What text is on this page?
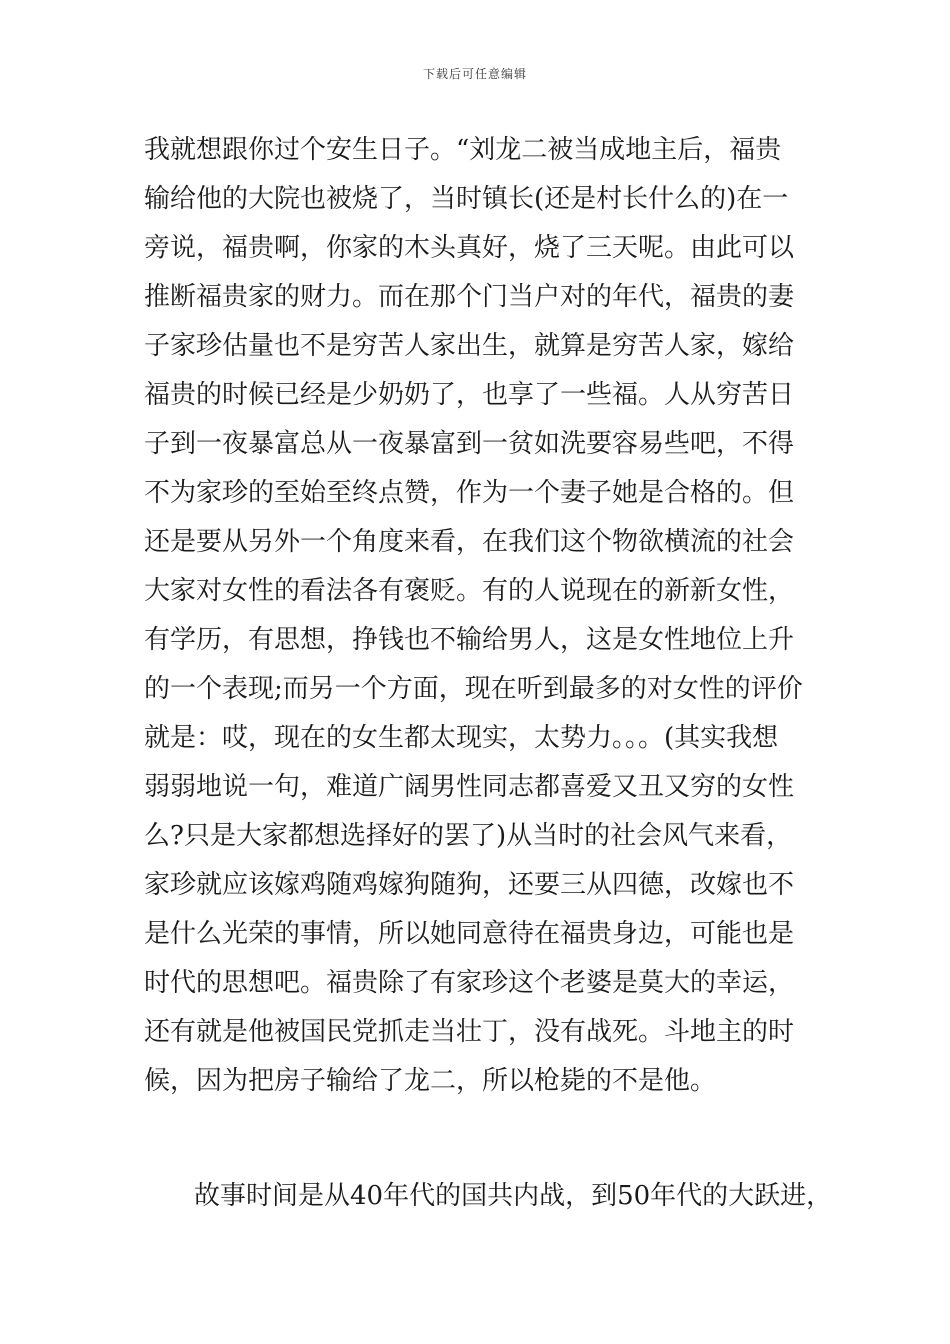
下载后可任意编辑
我就想跟你过个安生日子。“刘龙二被当成地主后，福贵
输给他的大院也被烧了，当时镇长(还是村长什么的)在一
旁说，福贵啊，你家的木头真好，烧了三天呢。由此可以
推断福贵家的财力。而在那个门当户对的年代，福贵的妻
子家珍估量也不是穷苦人家出生，就算是穷苦人家，嫁给
福贵的时候已经是少奶奶了，也享了一些福。人从穷苦日
子到一夜暴富总从一夜暴富到一贫如洗要容易些吧，不得
不为家珍的至始至终点赞，作为一个妻子她是合格的。但
还是要从另外一个角度来看，在我们这个物欲横流的社会
大家对女性的看法各有褒贬。有的人说现在的新新女性，
有学历，有思想，挣钱也不输给男人，这是女性地位上升
的一个表现;而另一个方面，现在听到最多的对女性的评价
就是：哎，现在的女生都太现实，太势力。。。(其实我想
弱弱地说一句，难道广阔男性同志都喜爱又丑又穷的女性
么?只是大家都想选择好的罢了)从当时的社会风气来看，
家珍就应该嫁鸡随鸡嫁狗随狗，还要三从四德，改嫁也不
是什么光荣的事情，所以她同意待在福贵身边，可能也是
时代的思想吧。福贵除了有家珍这个老婆是莫大的幸运，
还有就是他被国民党抓走当壮丁，没有战死。斗地主的时
候，因为把房子输给了龙二，所以枪毙的不是他。
故事时间是从40年代的国共内战，到50年代的大跃进，
